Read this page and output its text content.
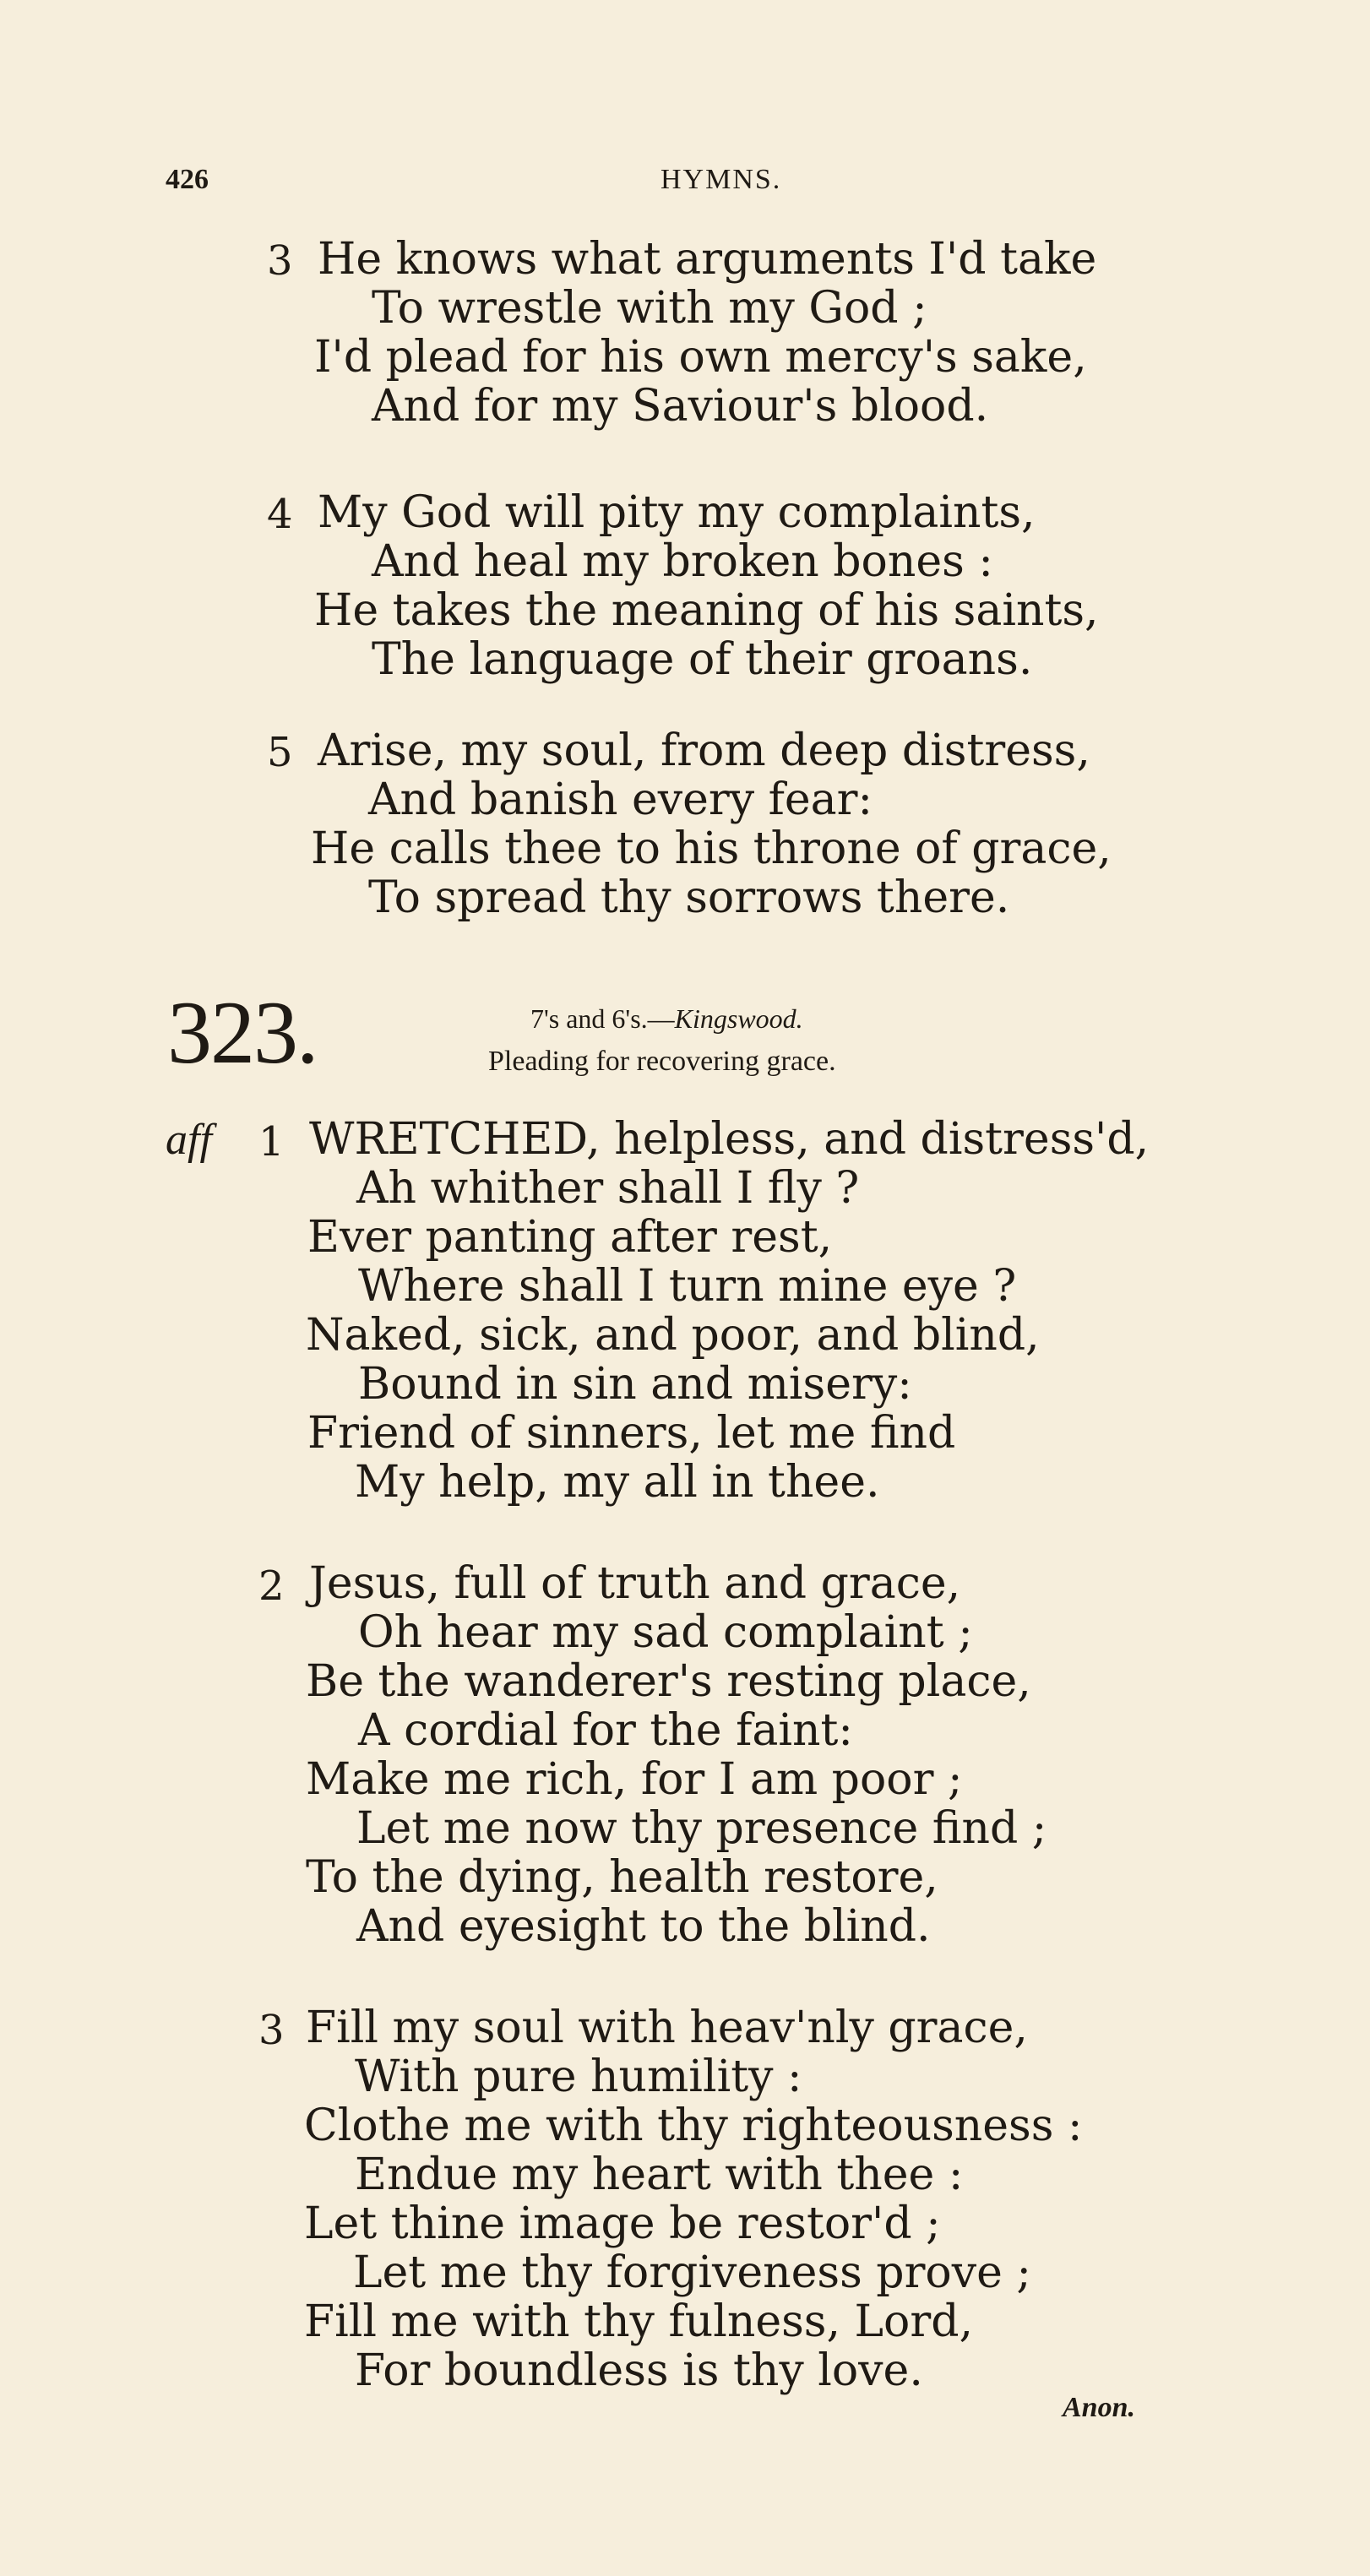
426	HYMNS.
3 He knows what arguments I'd take
To wrestle with my God ;
I'd plead for his own mercy's sake,
And for my Saviour's blood.
4 My God will pity my complaints,
And heal my broken bones :
He takes the meaning of his saints,
The language of their groans.
5 Arise, my soul, from deep distress,
And banish every fear:
He calls thee to his throne of grace,
To spread thy sorrows there.
323.	7's and 6's.—Kingswood.
Pleading for recovering grace.
aff 1 WRETCHED, helpless, and distress'd,
Ah whither shall I fly ?
Ever panting after rest,
Where shall I turn mine eye ?
Naked, sick, and poor, and blind,
Bound in sin and misery:
Friend of sinners, let me find
My help, my all in thee.
2 Jesus, full of truth and grace,
Oh hear my sad complaint ;
Be the wanderer's resting place,
A cordial for the faint:
Make me rich, for I am poor ;
Let me now thy presence find ;
To the dying, health restore,
And eyesight to the blind.
3 Fill my soul with heav'nly grace,
With pure humility :
Clothe me with thy righteousness :
Endue my heart with thee :
Let thine image be restor'd ;
Let me thy forgiveness prove ;
Fill me with thy fulness, Lord,
For boundless is thy love.
Anon.
